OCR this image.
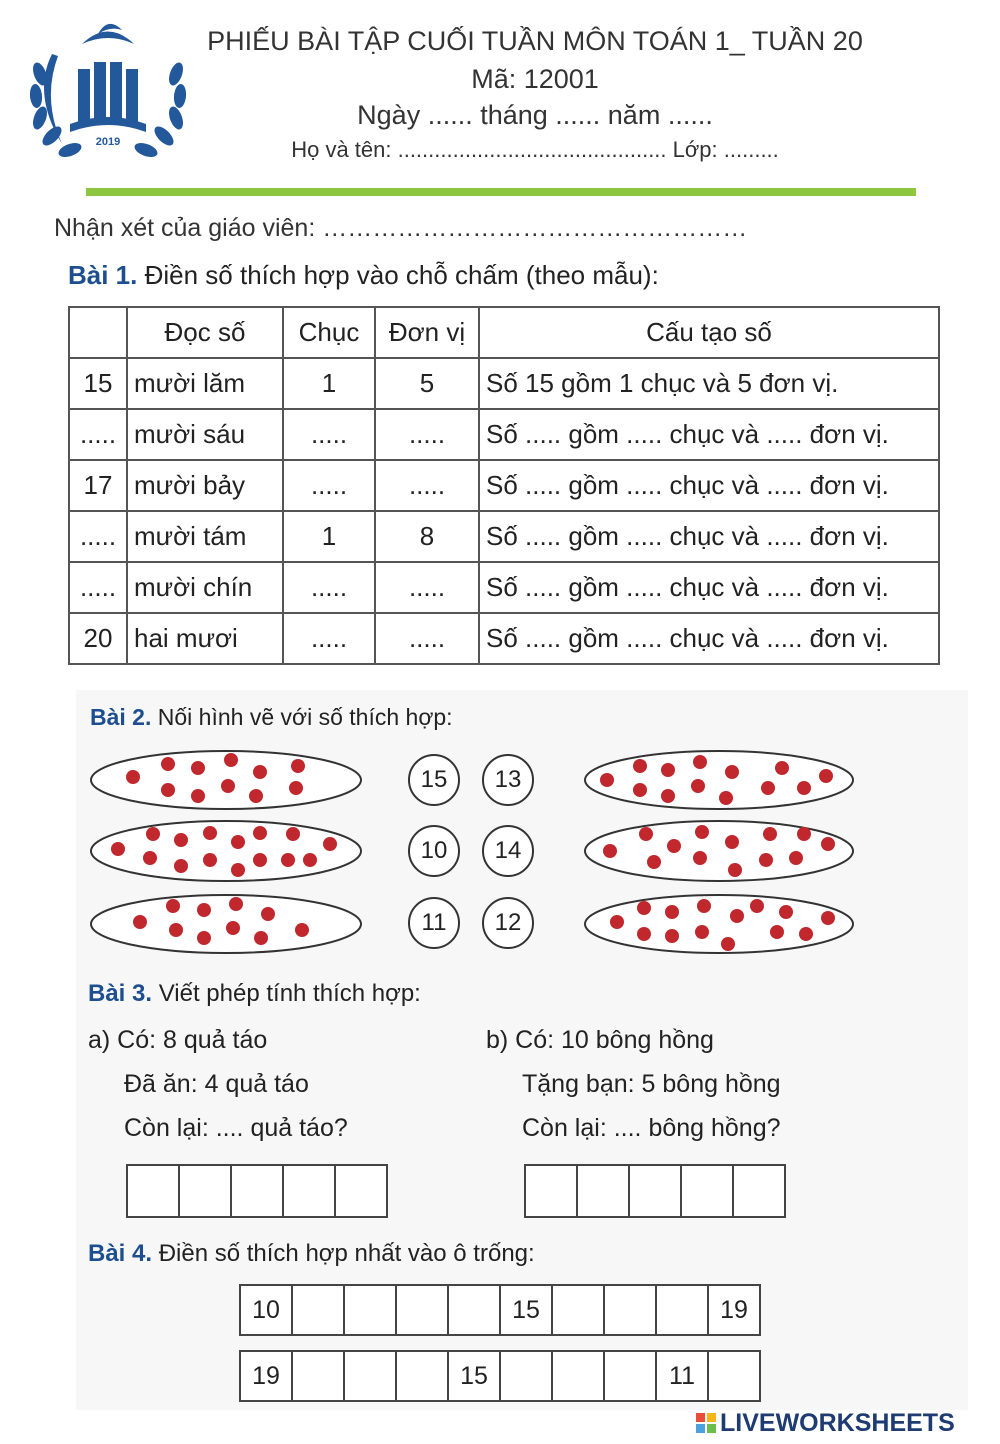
2019
PHIẾU BÀI TẬP CUỐI TUẦN MÔN TOÁN 1_ TUẦN 20
Mã: 12001
Ngày ...... tháng ...... năm ......
Họ và tên: ............................................ Lớp: .........
Nhận xét của giáo viên: ……………………………………………
Bài 1. Điền số thích hợp vào chỗ chấm (theo mẫu):
	Đọc số	Chục	Đơn vị	Cấu tạo số
15	mười lăm	1	5	Số 15 gồm 1 chục và 5 đơn vị.
.....	mười sáu	.....	.....	Số ..... gồm ..... chục và ..... đơn vị.
17	mười bảy	.....	.....	Số ..... gồm ..... chục và ..... đơn vị.
.....	mười tám	1	8	Số ..... gồm ..... chục và ..... đơn vị.
.....	mười chín	.....	.....	Số ..... gồm ..... chục và ..... đơn vị.
20	hai mươi	.....	.....	Số ..... gồm ..... chục và ..... đơn vị.
Bài 2. Nối hình vẽ với số thích hợp:
15	13
10	14
11	12
Bài 3. Viết phép tính thích hợp:
a) Có: 8 quả táo
Đã ăn: 4 quả táo
Còn lại: .... quả táo?
b) Có: 10 bông hồng
Tặng bạn: 5 bông hồng
Còn lại: .... bông hồng?
Bài 4. Điền số thích hợp nhất vào ô trống:
10	15	19
19	15	11
LIVEWORKSHEETS
